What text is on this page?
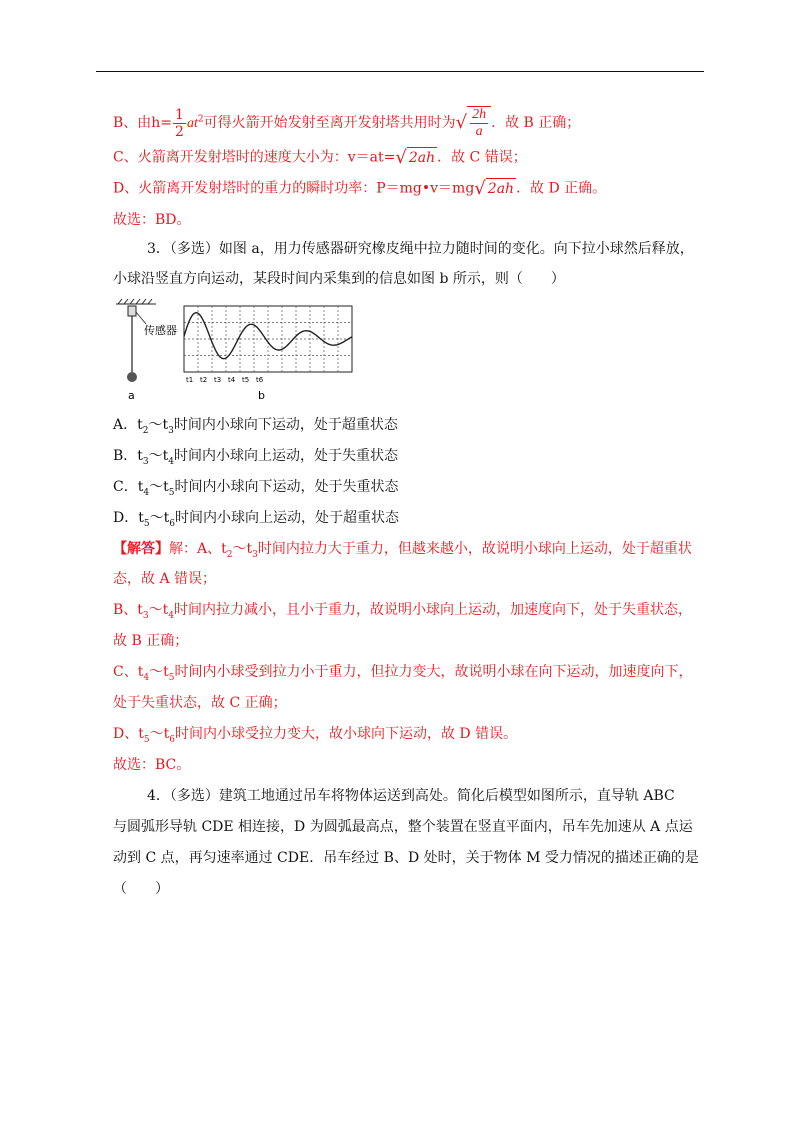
B、由$h= \frac{1}{2} at^2$可得火箭开始发射至离开发射塔共用时为√ $\frac{2h}{a}$ ．故 B 正确；
C、火箭离开发射塔时的速度大小为：v＝at=√ 2ah ．故 C 错误；
D、火箭离开发射塔时的重力的瞬时功率：P＝mg•v＝mg√ 2ah ．故 D 正确。
故选：BD。
3．（多选）如图 a，用力传感器研究橡皮绳中拉力随时间的变化。向下拉小球然后释放，
小球沿竖直方向运动，某段时间内采集到的信息如图 b 所示，则（　　）
a
传感器
t1 t2 t3 t4 t5 t6
b
A．$t_2\sim t_3$时间内小球向下运动，处于超重状态
B．$t_3\sim t_4$时间内小球向上运动，处于失重状态
C．$t_4\sim t_5$时间内小球向下运动，处于失重状态
D．$t_5\sim t_6$时间内小球向上运动，处于超重状态
【解答】解：A、$t_2\sim t_3$时间内拉力大于重力，但越来越小，故说明小球向上运动，处于超重状
态，故 A 错误；
B、$t_3\sim t_4$时间内拉力减小，且小于重力，故说明小球向上运动，加速度向下，处于失重状态，
故 B 正确；
C、$t_4\sim t_5$时间内小球受到拉力小于重力，但拉力变大，故说明小球在向下运动，加速度向下，
处于失重状态，故 C 正确；
D、$t_5\sim t_6$时间内小球受拉力变大，故小球向下运动，故 D 错误。
故选：BC。
4．（多选）建筑工地通过吊车将物体运送到高处。简化后模型如图所示，直导轨 ABC
与圆弧形导轨 CDE 相连接，D 为圆弧最高点，整个装置在竖直平面内，吊车先加速从 A 点运
动到 C 点，再匀速率通过 CDE．吊车经过 B、D 处时，关于物体 M 受力情况的描述正确的是
（　　）
